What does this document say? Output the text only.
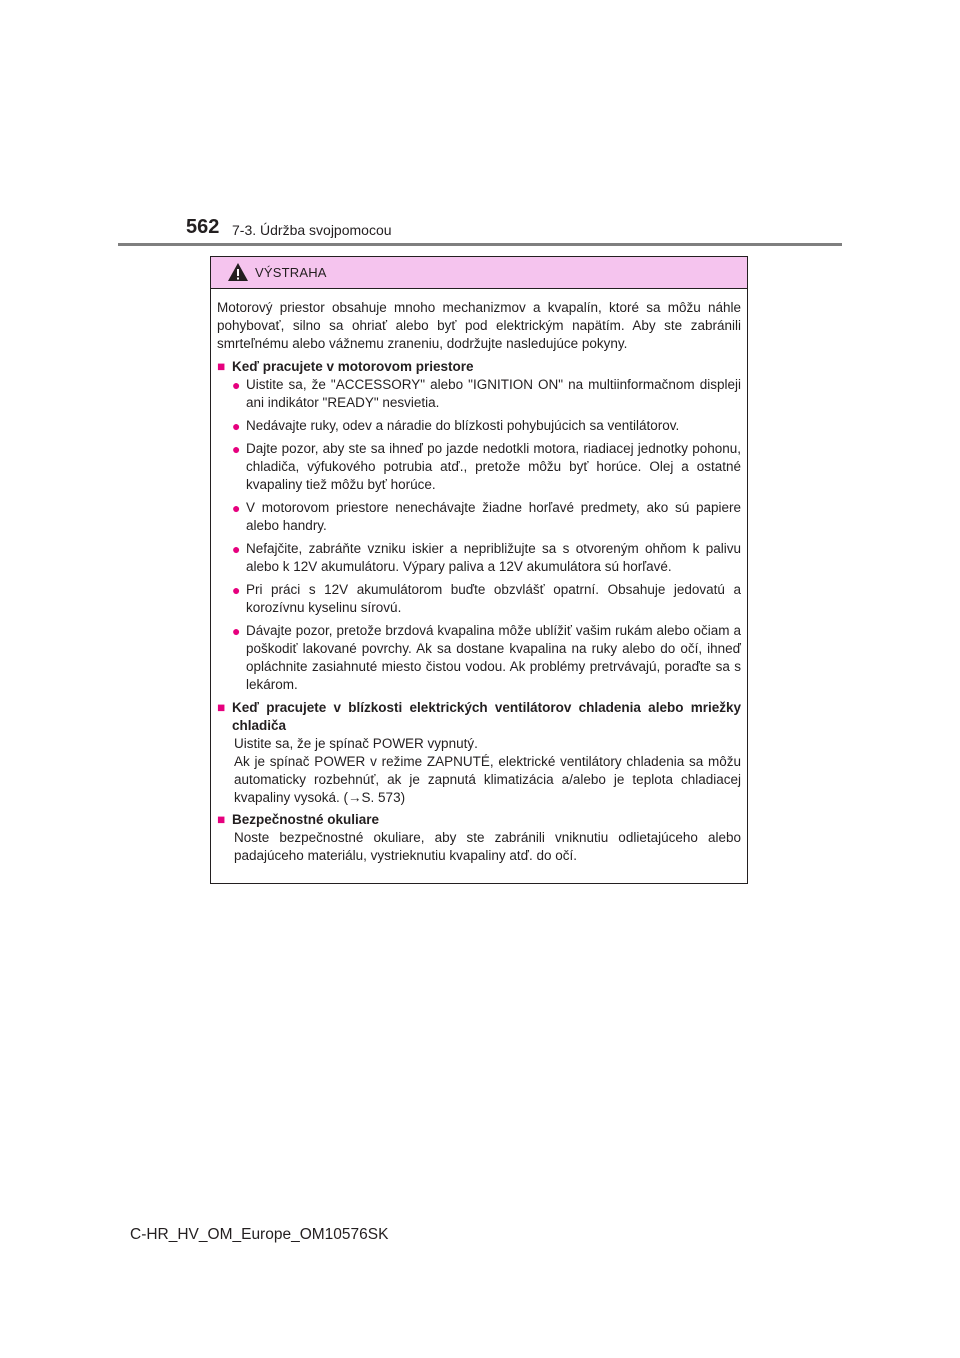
562 7-3. Údržba svojpomocou
VÝSTRAHA

Motorový priestor obsahuje mnoho mechanizmov a kvapalín, ktoré sa môžu náhle pohybovať, silno sa ohriať alebo byť pod elektrickým napätím. Aby ste zabránili smrteľnému alebo vážnemu zraneniu, dodržujte nasledujúce pokyny.

■ Keď pracujete v motorovom priestore
● Uistite sa, že "ACCESSORY" alebo "IGNITION ON" na multiinformačnom displeji ani indikátor "READY" nesvietia.
● Nedávajte ruky, odev a náradie do blízkosti pohybujúcich sa ventilátorov.
● Dajte pozor, aby ste sa ihneď po jazde nedotkli motora, riadiacej jednotky pohonu, chladiča, výfukového potrubia atď., pretože môžu byť horúce. Olej a ostatné kvapaliny tiež môžu byť horúce.
● V motorovom priestore nenechávajte žiadne horľavé predmety, ako sú papiere alebo handry.
● Nefajčite, zabráňte vzniku iskier a nepribližujte sa s otvoreným ohňom k palivu alebo k 12V akumulátoru. Výpary paliva a 12V akumulátora sú horľavé.
● Pri práci s 12V akumulátorom buďte obzvlášť opatrní. Obsahuje jedovatú a korozívnu kyselinu sírovú.
● Dávajte pozor, pretože brzdová kvapalina môže ublížiť vašim rukám alebo očiam a poškodiť lakované povrchy. Ak sa dostane kvapalina na ruky alebo do očí, ihneď opláchnite zasiahnuté miesto čistou vodou. Ak problémy pretrvávajú, poraďte sa s lekárom.
■ Keď pracujete v blízkosti elektrických ventilátorov chladenia alebo mriežky chladiča

Uistite sa, že je spínač POWER vypnutý.

Ak je spínač POWER v režime ZAPNUTÉ, elektrické ventilátory chladenia sa môžu automaticky rozbehnúť, ak je zapnutá klimatizácia a/alebo je teplota chladiacej kvapaliny vysoká. (→S. 573)

■ Bezpečnostné okuliare

Noste bezpečnostné okuliare, aby ste zabránili vniknutiu odlietajúceho alebo padajúceho materiálu, vystrieknutiu kvapaliny atď. do očí.

C-HR_HV_OM_Europe_OM10576SK
